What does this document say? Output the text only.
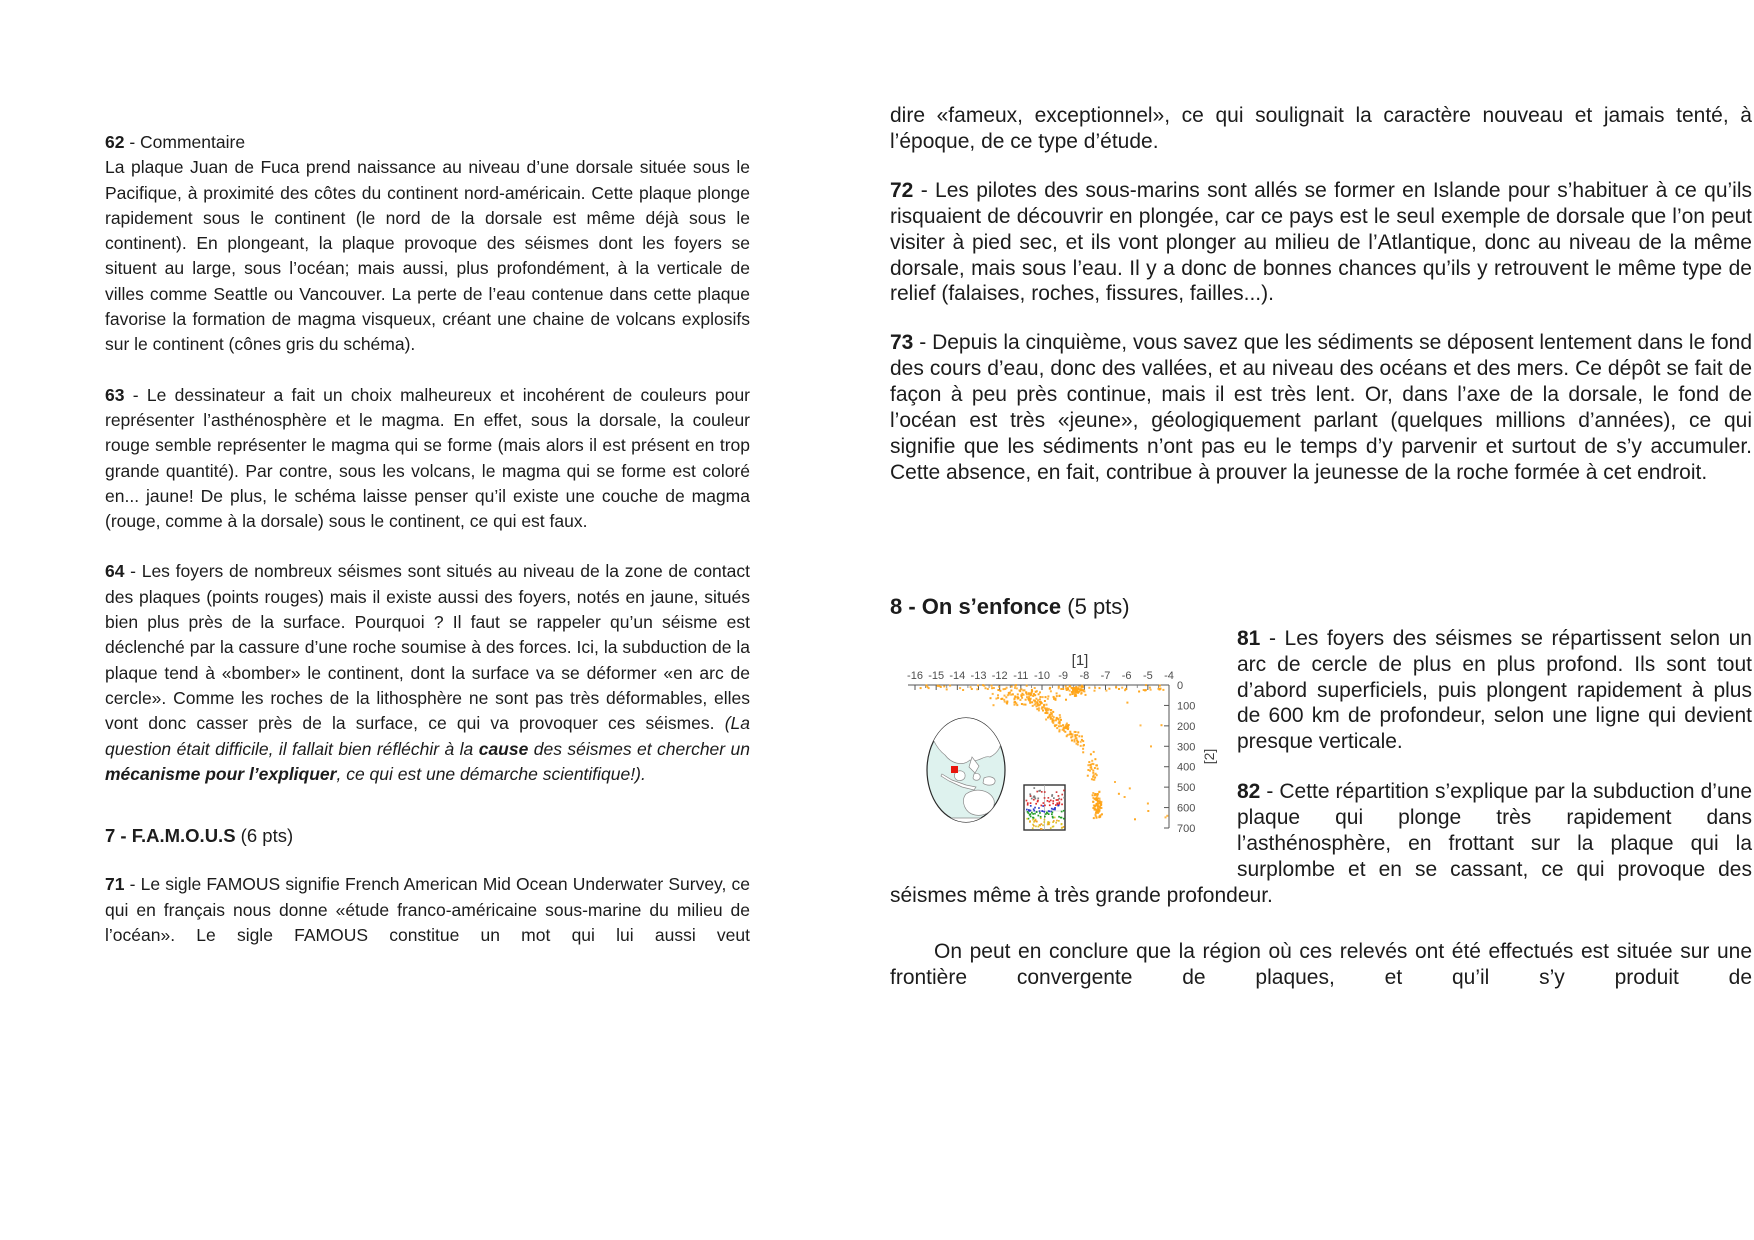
62 - Commentaire

La plaque Juan de Fuca prend naissance au niveau d’une dorsale située sous le Pacifique, à proximité des côtes du continent nord-américain. Cette plaque plonge rapidement sous le continent (le nord de la dorsale est même déjà sous le continent). En plongeant, la plaque provoque des séismes dont les foyers se situent au large, sous l’océan; mais aussi, plus profondément, à la verticale de villes comme Seattle ou Vancouver. La perte de l’eau contenue dans cette plaque favorise la formation de magma visqueux, créant une chaine de volcans explosifs sur le continent (cônes gris du schéma).

63 - Le dessinateur a fait un choix malheureux et incohérent de couleurs pour représenter l’asthénosphère et le magma. En effet, sous la dorsale, la couleur rouge semble représenter le magma qui se forme (mais alors il est présent en trop grande quantité). Par contre, sous les volcans, le magma qui se forme est coloré en... jaune! De plus, le schéma laisse penser qu’il existe une couche de magma (rouge, comme à la dorsale) sous le continent, ce qui est faux.

64 - Les foyers de nombreux séismes sont situés au niveau de la zone de contact des plaques (points rouges) mais il existe aussi des foyers, notés en jaune, situés bien plus près de la surface. Pourquoi ? Il faut se rappeler qu’un séisme est déclenché par la cassure d’une roche soumise à des forces. Ici, la subduction de la plaque tend à «bomber» le continent, dont la surface va se déformer «en arc de cercle». Comme les roches de la lithosphère ne sont pas très déformables, elles vont donc casser près de la surface, ce qui va provoquer ces séismes. (La question était difficile, il fallait bien réfléchir à la cause des séismes et chercher un mécanisme pour l’expliquer, ce qui est une démarche scientifique!).

7 - F.A.M.O.U.S (6 pts)

71 - Le sigle FAMOUS signifie French American Mid Ocean Underwater Survey, ce qui en français nous donne «étude franco-américaine sous-marine du milieu de l’océan». Le sigle FAMOUS constitue un mot qui lui aussi veut

dire «fameux, exceptionnel», ce qui soulignait la caractère nouveau et jamais tenté, à l’époque, de ce type d’étude.

72 - Les pilotes des sous-marins sont allés se former en Islande pour s’habituer à ce qu’ils risquaient de découvrir en plongée, car ce pays est le seul exemple de dorsale que l’on peut visiter à pied sec, et ils vont plonger au milieu de l’Atlantique, donc au niveau de la même dorsale, mais sous l’eau. Il y a donc de bonnes chances qu’ils y retrouvent le même type de relief (falaises, roches, fissures, failles...).

73 - Depuis la cinquième, vous savez que les sédiments se déposent lentement dans le fond des cours d’eau, donc des vallées, et au niveau des océans et des mers. Ce dépôt se fait de façon à peu près continue, mais il est très lent. Or, dans l’axe de la dorsale, le fond de l’océan est très «jeune», géologiquement parlant (quelques millions d’années), ce qui signifie que les sédiments n’ont pas eu le temps d’y parvenir et surtout de s’y accumuler. Cette absence, en fait, contribue à prouver la jeunesse de la roche formée à cet endroit.

8 - On s’enfonce (5 pts)

-16 -15 -14 -13 -12 -11 -10 -9 -8 -7 -6 -5 -4
0
100
200
300
400
500
600
700
[1]
[2]

81 - Les foyers des séismes se répartissent selon un arc de cercle de plus en plus profond. Ils sont tout d’abord superficiels, puis plongent rapidement à plus de 600 km de profondeur, selon une ligne qui devient presque verticale.

82 - Cette répartition s’explique par la subduction d’une plaque qui plonge très rapidement dans l’asthénosphère, en frottant sur la plaque qui la surplombe et en se cassant, ce qui provoque des séismes même à très grande profondeur.

On peut en conclure que la région où ces relevés ont été effectués est située sur une frontière convergente de plaques, et qu’il s’y produit de
